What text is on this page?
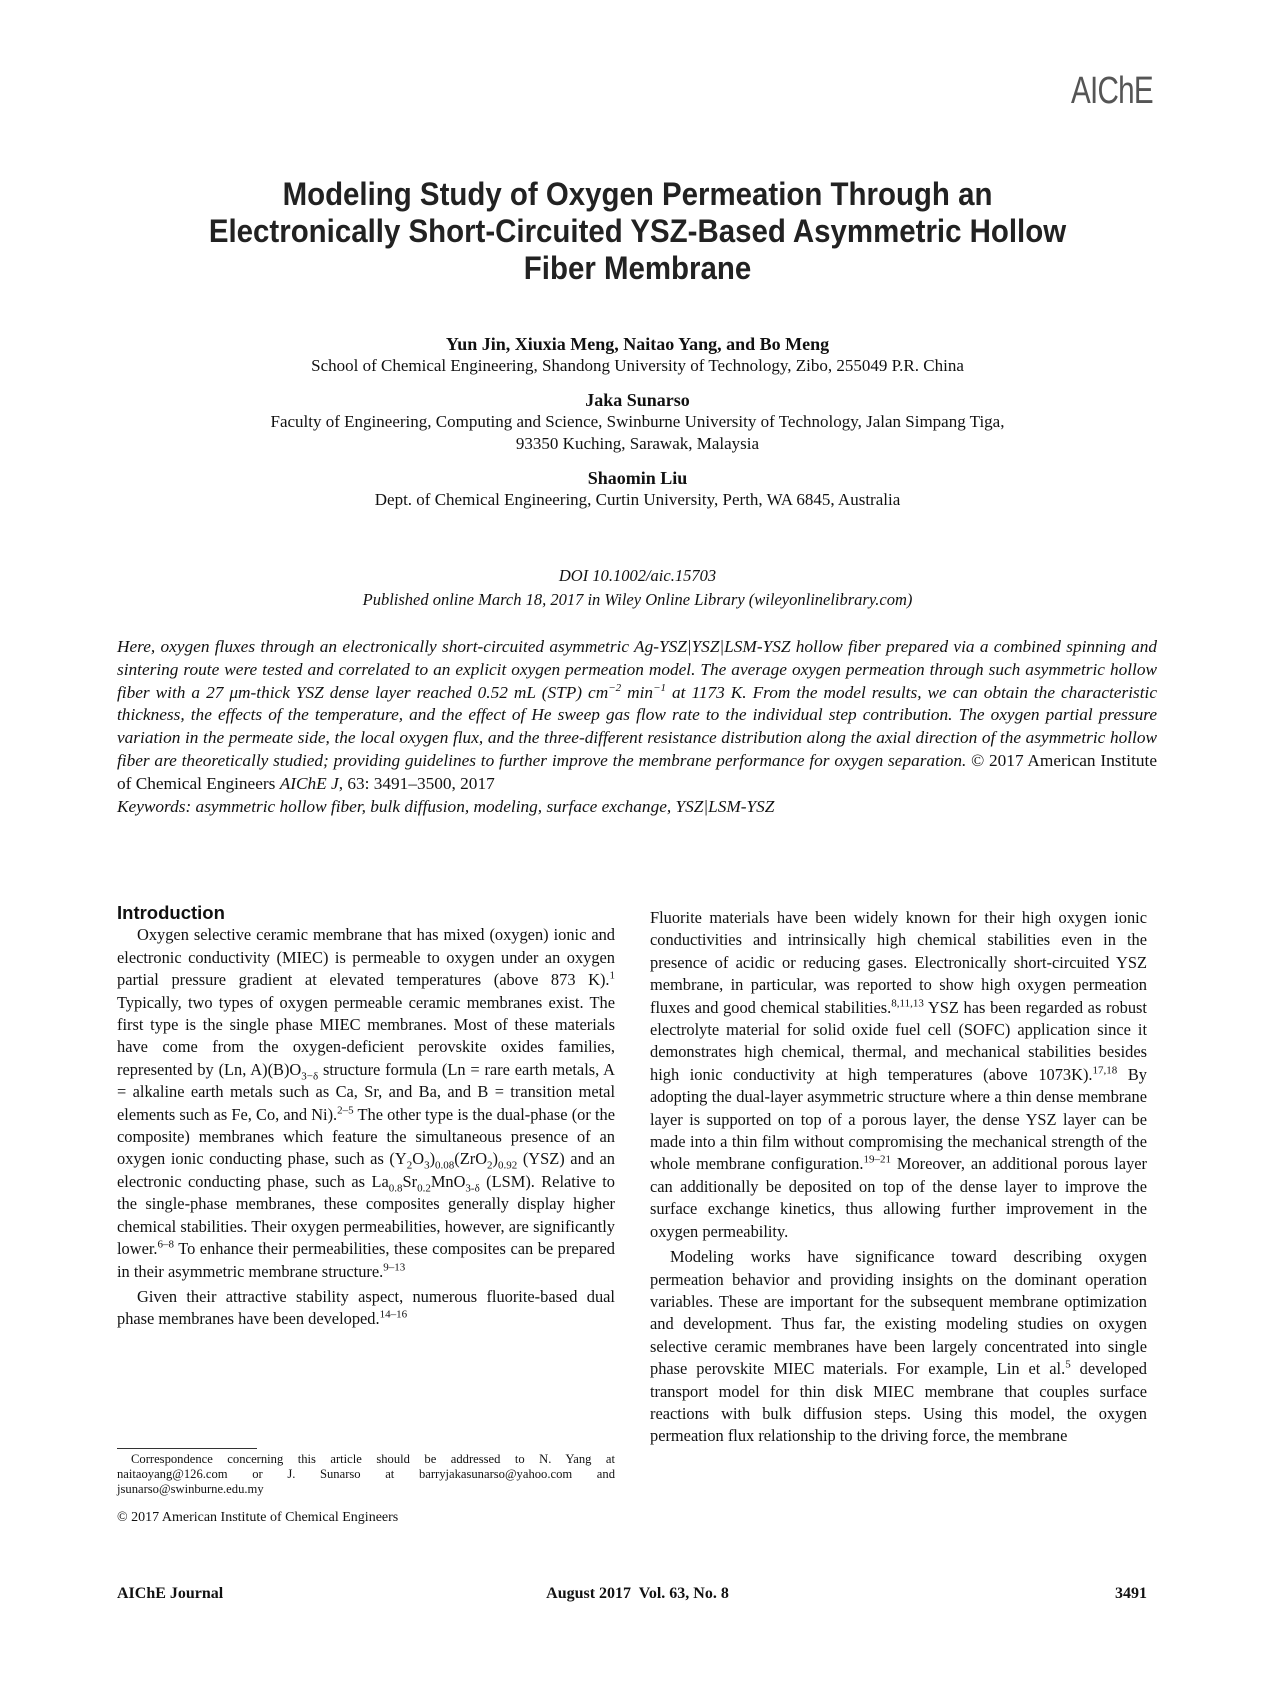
AIChE
Modeling Study of Oxygen Permeation Through an
Electronically Short-Circuited YSZ-Based Asymmetric Hollow
Fiber Membrane
Yun Jin, Xiuxia Meng, Naitao Yang, and Bo Meng
School of Chemical Engineering, Shandong University of Technology, Zibo, 255049 P.R. China
Jaka Sunarso
Faculty of Engineering, Computing and Science, Swinburne University of Technology, Jalan Simpang Tiga,
93350 Kuching, Sarawak, Malaysia
Shaomin Liu
Dept. of Chemical Engineering, Curtin University, Perth, WA 6845, Australia
DOI 10.1002/aic.15703
Published online March 18, 2017 in Wiley Online Library (wileyonlinelibrary.com)
Here, oxygen fluxes through an electronically short-circuited asymmetric Ag-YSZ|YSZ|LSM-YSZ hollow fiber prepared via a combined spinning and sintering route were tested and correlated to an explicit oxygen permeation model. The average oxygen permeation through such asymmetric hollow fiber with a 27 μm-thick YSZ dense layer reached 0.52 mL (STP) $cm^{-2}$ $\min^{-1}$ at 1173 K. From the model results, we can obtain the characteristic thickness, the effects of the temperature, and the effect of He sweep gas flow rate to the individual step contribution. The oxygen partial pressure variation in the permeate side, the local oxygen flux, and the three-different resistance distribution along the axial direction of the asymmetric hollow fiber are theoretically studied; providing guidelines to further improve the membrane performance for oxygen separation. © 2017 American Institute of Chemical Engineers AIChE J, 63: 3491–3500, 2017
Keywords: asymmetric hollow fiber, bulk diffusion, modeling, surface exchange, YSZ|LSM-YSZ

Introduction

Oxygen selective ceramic membrane that has mixed (oxygen) ionic and electronic conductivity (MIEC) is permeable to oxygen under an oxygen partial pressure gradient at elevated temperatures (above 873 K).$^1$ Typically, two types of oxygen permeable ceramic membranes exist. The first type is the single phase MIEC membranes. Most of these materials have come from the oxygen-deficient perovskite oxides families, represented by (Ln, $A)(B)O_{3-\delta}$ structure formula (Ln = rare earth metals, A = alkaline earth metals such as Ca, Sr, and Ba, and B = transition metal elements such as Fe, Co, and Ni).$^{2-5}$ The other type is the dual-phase (or the composite) membranes which feature the simultaneous presence of an oxygen ionic conducting phase, such as $(Y_2O_3)_{0.08}(ZrO_2)_{0.92}$ (YSZ) and an electronic conducting phase, such as $La_{0.8}Sr_{0.2}MnO_{3-\delta}$ (LSM). Relative to the single-phase membranes, these composites generally display higher chemical stabilities. Their oxygen permeabilities, however, are significantly lower.$^{6-8}$ To enhance their permeabilities, these composites can be prepared in their asymmetric membrane structure.$^{9-13}$

Given their attractive stability aspect, numerous fluorite-based dual phase membranes have been developed.$^{14-16}$

Correspondence concerning this article should be addressed to N. Yang at naitaoyang@126.com or J. Sunarso at barryjakasunarso@yahoo.com and jsunarso@swinburne.edu.my
© 2017 American Institute of Chemical Engineers

Fluorite materials have been widely known for their high oxygen ionic conductivities and intrinsically high chemical stabilities even in the presence of acidic or reducing gases. Electronically short-circuited YSZ membrane, in particular, was reported to show high oxygen permeation fluxes and good chemical stabilities.$^{8,11,13}$ YSZ has been regarded as robust electrolyte material for solid oxide fuel cell (SOFC) application since it demonstrates high chemical, thermal, and mechanical stabilities besides high ionic conductivity at high temperatures (above 1073K).$^{17,18}$ By adopting the dual-layer asymmetric structure where a thin dense membrane layer is supported on top of a porous layer, the dense YSZ layer can be made into a thin film without compromising the mechanical strength of the whole membrane configuration.$^{19-21}$ Moreover, an additional porous layer can additionally be deposited on top of the dense layer to improve the surface exchange kinetics, thus allowing further improvement in the oxygen permeability.

Modeling works have significance toward describing oxygen permeation behavior and providing insights on the dominant operation variables. These are important for the subsequent membrane optimization and development. Thus far, the existing modeling studies on oxygen selective ceramic membranes have been largely concentrated into single phase perovskite MIEC materials. For example, Lin et al.$^5$ developed transport model for thin disk MIEC membrane that couples surface reactions with bulk diffusion steps. Using this model, the oxygen permeation flux relationship to the driving force, the membrane

AIChE Journal	August 2017  Vol. 63, No. 8	3491
